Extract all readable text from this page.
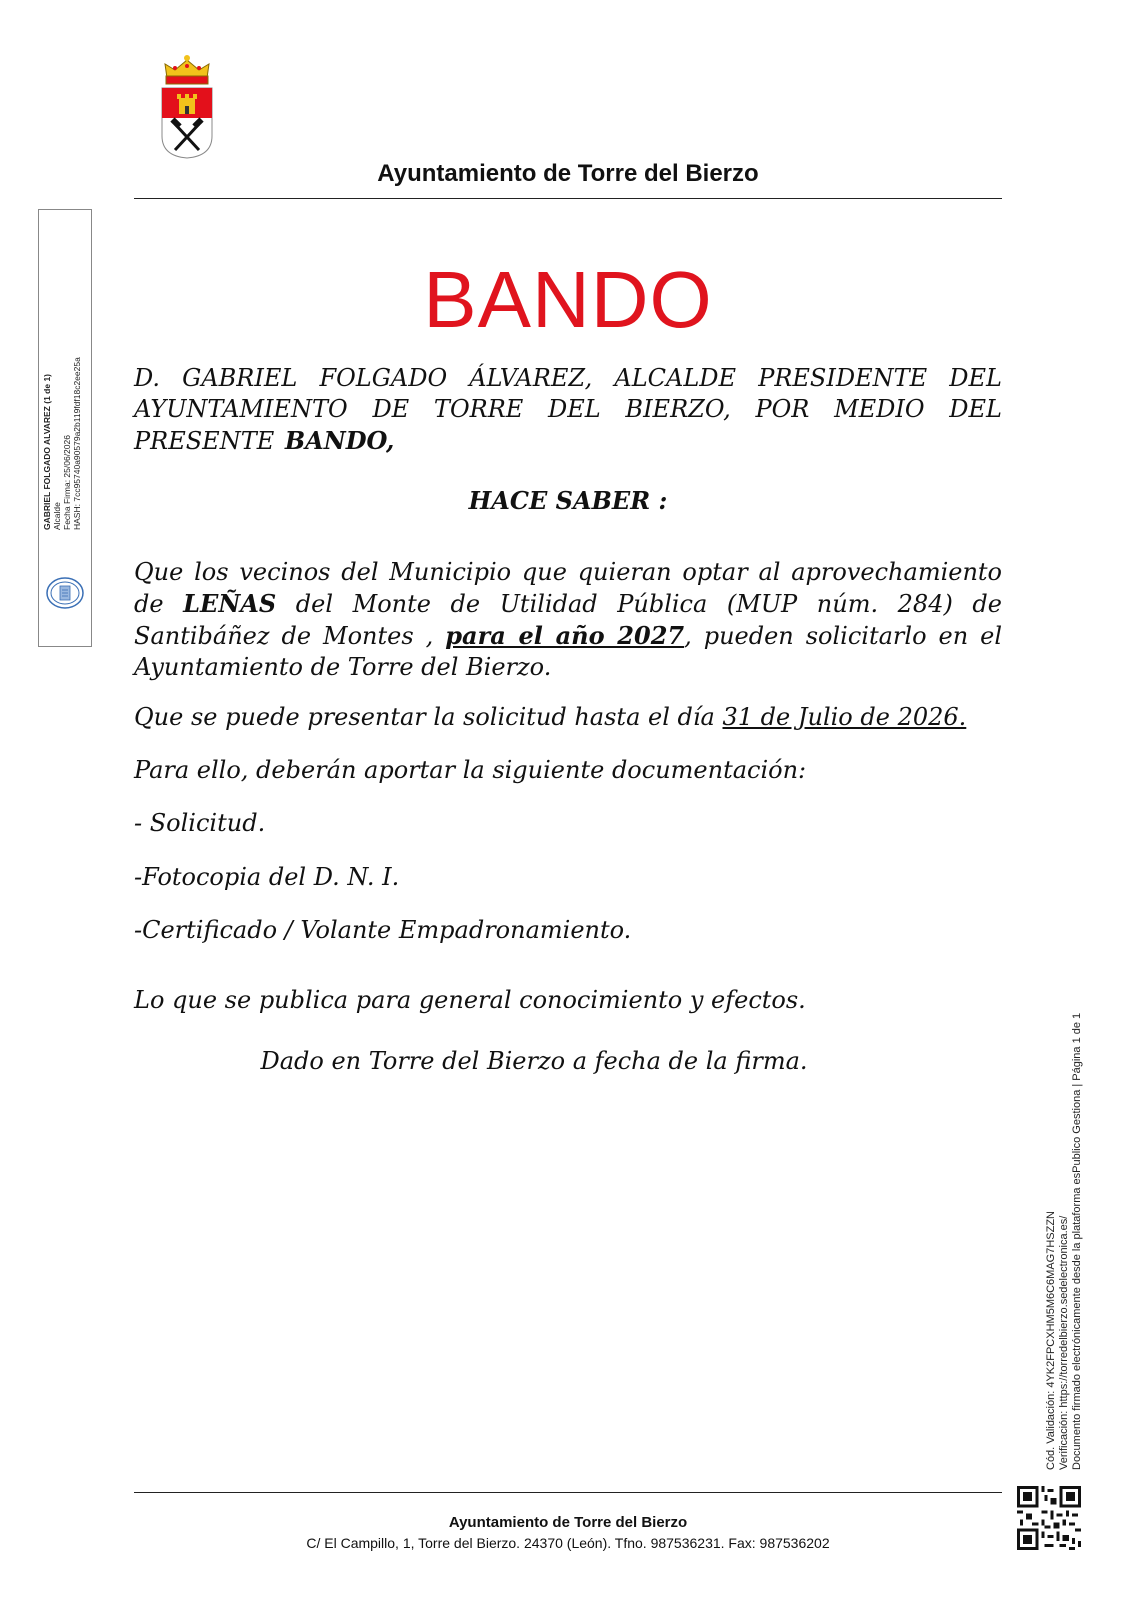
Ayuntamiento de Torre del Bierzo
GABRIEL FOLGADO ALVAREZ (1 de 1) Alcalde Fecha Firma: 25/06/2026 HASH: 7cc95740a90579a2b119fdf18c2ee25a
BANDO
D. GABRIEL FOLGADO ÁLVAREZ, ALCALDE PRESIDENTE DEL AYUNTAMIENTO DE TORRE DEL BIERZO, POR MEDIO DEL PRESENTE BANDO,
HACE SABER :
Que los vecinos del Municipio que quieran optar al aprovechamiento de LEÑAS del Monte de Utilidad Pública (MUP núm. 284) de Santibáñez de Montes , para el año 2027, pueden solicitarlo en el Ayuntamiento de Torre del Bierzo.
Que se puede presentar la solicitud hasta el día 31 de Julio de 2026.
Para ello, deberán aportar la siguiente documentación:
- Solicitud.
-Fotocopia del D. N. I.
-Certificado / Volante Empadronamiento.
Lo que se publica para general conocimiento y efectos.
Dado en Torre del Bierzo a fecha de la firma.
Cód. Validación: 4YK2FPCXHM5M6C6MAG7HSZZN Verificación: https://torredelbierzo.sedelectronica.es/ Documento firmado electrónicamente desde la plataforma esPublico Gestiona | Página 1 de 1
Ayuntamiento de Torre del Bierzo
C/ El Campillo, 1, Torre del Bierzo. 24370 (León). Tfno. 987536231. Fax: 987536202
